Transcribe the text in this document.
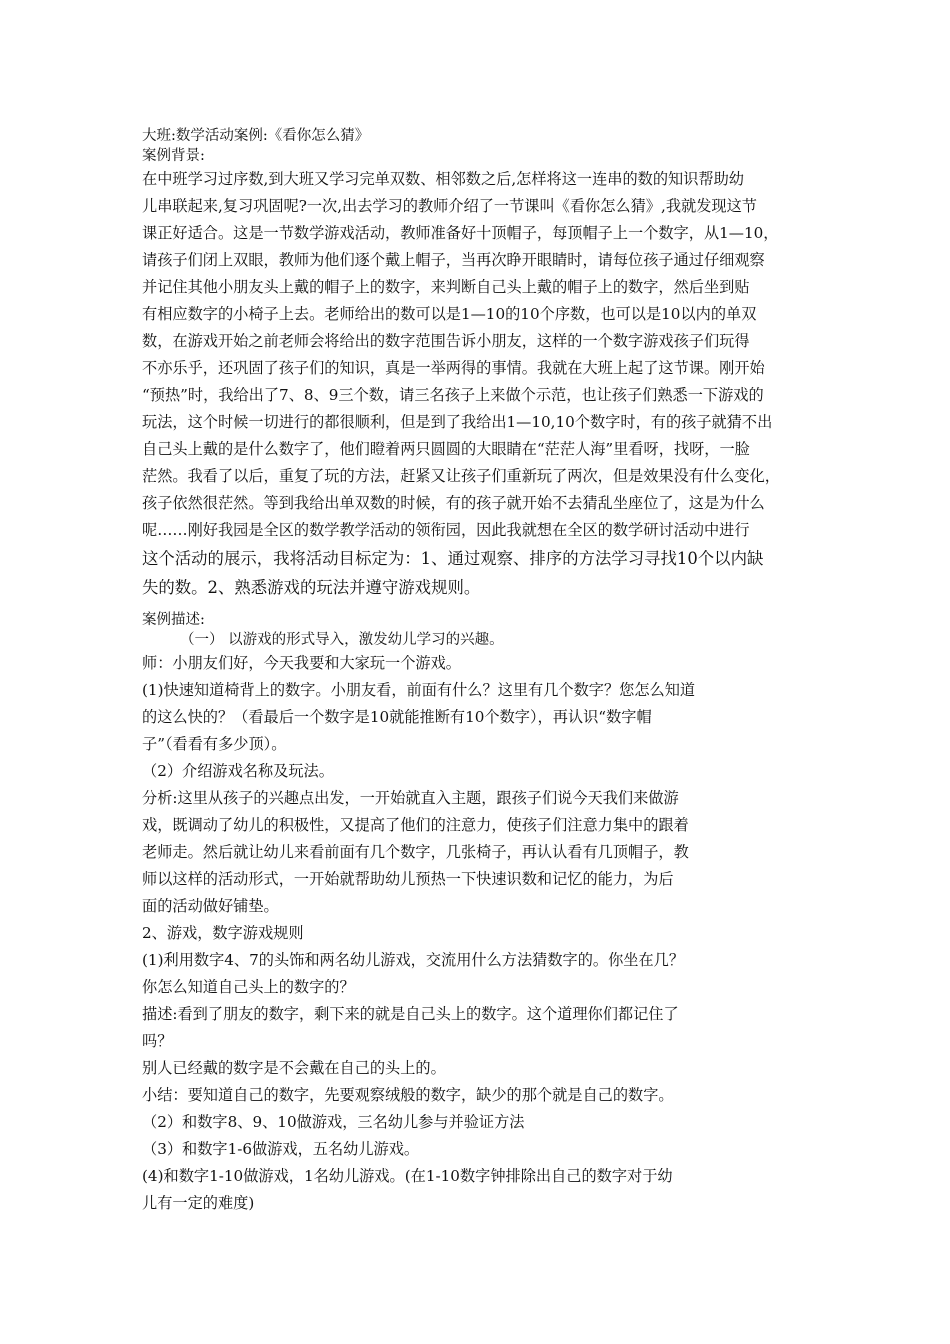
大班:数学活动案例:《看你怎么猜》

案例背景:

在中班学习过序数,到大班又学习完单双数、相邻数之后,怎样将这一连串的数的知识帮助幼

儿串联起来,复习巩固呢?一次,出去学习的教师介绍了一节课叫《看你怎么猜》,我就发现这节

课正好适合。这是一节数学游戏活动，教师准备好十顶帽子，每顶帽子上一个数字，从1—10，

请孩子们闭上双眼，教师为他们逐个戴上帽子，当再次睁开眼睛时，请每位孩子通过仔细观察

并记住其他小朋友头上戴的帽子上的数字，来判断自己头上戴的帽子上的数字，然后坐到贴

有相应数字的小椅子上去。老师给出的数可以是1—10的10个序数，也可以是10以内的单双

数，在游戏开始之前老师会将给出的数字范围告诉小朋友，这样的一个数字游戏孩子们玩得

不亦乐乎，还巩固了孩子们的知识，真是一举两得的事情。我就在大班上起了这节课。刚开始

“预热”时，我给出了7、8、9三个数，请三名孩子上来做个示范，也让孩子们熟悉一下游戏的

玩法，这个时候一切进行的都很顺利，但是到了我给出1—10,10个数字时，有的孩子就猜不出

自己头上戴的是什么数字了，他们瞪着两只圆圆的大眼睛在“茫茫人海”里看呀，找呀，一脸

茫然。我看了以后，重复了玩的方法，赶紧又让孩子们重新玩了两次，但是效果没有什么变化，

孩子依然很茫然。等到我给出单双数的时候，有的孩子就开始不去猜乱坐座位了，这是为什么

呢……刚好我园是全区的数学教学活动的领衔园，因此我就想在全区的数学研讨活动中进行

这个活动的展示，我将活动目标定为：1、通过观察、排序的方法学习寻找10个以内缺

失的数。2、熟悉游戏的玩法并遵守游戏规则。

案例描述:

（一） 以游戏的形式导入，激发幼儿学习的兴趣。

师：小朋友们好，今天我要和大家玩一个游戏。

(1)快速知道椅背上的数字。小朋友看，前面有什么？这里有几个数字？您怎么知道

的这么快的？（看最后一个数字是10就能推断有10个数字），再认识“数字帽

子”（看看有多少顶）。

（2）介绍游戏名称及玩法。

分析:这里从孩子的兴趣点出发，一开始就直入主题，跟孩子们说今天我们来做游

戏，既调动了幼儿的积极性，又提高了他们的注意力，使孩子们注意力集中的跟着

老师走。然后就让幼儿来看前面有几个数字，几张椅子，再认认看有几顶帽子，教

师以这样的活动形式，一开始就帮助幼儿预热一下快速识数和记忆的能力，为后

面的活动做好铺垫。

2、游戏，数字游戏规则

(1)利用数字4、7的头饰和两名幼儿游戏，交流用什么方法猜数字的。你坐在几？

你怎么知道自己头上的数字的？

描述:看到了朋友的数字，剩下来的就是自己头上的数字。这个道理你们都记住了

吗？

别人已经戴的数字是不会戴在自己的头上的。

小结：要知道自己的数字，先要观察绒般的数字，缺少的那个就是自己的数字。

（2）和数字8、9、10做游戏，三名幼儿参与并验证方法

（3）和数字1-6做游戏，五名幼儿游戏。

(4)和数字1-10做游戏，1名幼儿游戏。(在1-10数字钟排除出自己的数字对于幼

儿有一定的难度)
